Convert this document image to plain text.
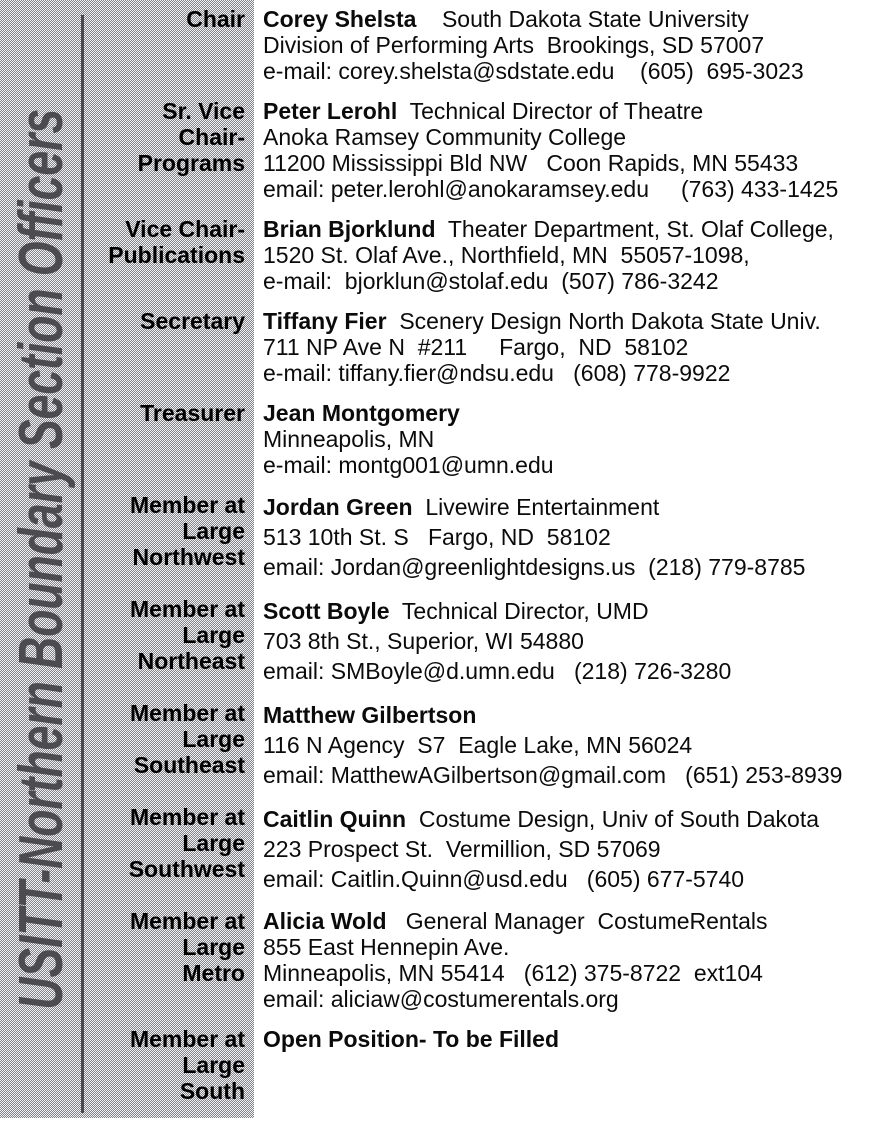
USITT-Northern Boundary Section Officers
Chair Corey Shelsta    South Dakota State University
Division of Performing Arts  Brookings, SD 57007
e-mail: corey.shelsta@sdstate.edu    (605)  695-3023
Sr. Vice
Chair-
Programs
Peter Lerohl  Technical Director of Theatre
Anoka Ramsey Community College
11200 Mississippi Bld NW   Coon Rapids, MN 55433
email: peter.lerohl@anokaramsey.edu     (763) 433-1425
Vice Chair-
Publications
Brian Bjorklund  Theater Department, St. Olaf College,
1520 St. Olaf Ave., Northfield, MN  55057-1098,
e-mail:  bjorklun@stolaf.edu  (507) 786-3242
Secretary Tiffany Fier  Scenery Design North Dakota State Univ.
711 NP Ave N  #211     Fargo,  ND  58102
e-mail: tiffany.fier@ndsu.edu   (608) 778-9922
Treasurer Jean Montgomery
Minneapolis, MN
e-mail: montg001@umn.edu
Member at
Large
Northwest
Jordan Green  Livewire Entertainment
513 10th St. S   Fargo, ND  58102
email: Jordan@greenlightdesigns.us  (218) 779-8785
Member at
Large
Northeast
Scott Boyle  Technical Director, UMD
703 8th St., Superior, WI 54880
email: SMBoyle@d.umn.edu   (218) 726-3280
Member at
Large
Southeast
Matthew Gilbertson
116 N Agency  S7  Eagle Lake, MN 56024
email: MatthewAGilbertson@gmail.com   (651) 253-8939
Member at
Large
Southwest
Caitlin Quinn  Costume Design, Univ of South Dakota
223 Prospect St.  Vermillion, SD 57069
email: Caitlin.Quinn@usd.edu   (605) 677-5740
Member at
Large
Metro
Alicia Wold   General Manager  CostumeRentals
855 East Hennepin Ave.
Minneapolis, MN 55414   (612) 375-8722  ext104
email: aliciaw@costumerentals.org
Member at
Large
South
Open Position- To be Filled
